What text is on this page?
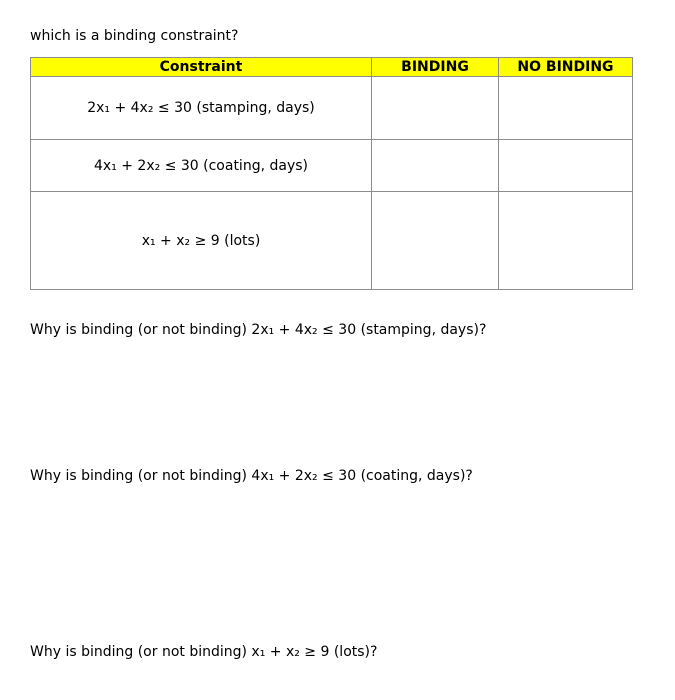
which is a binding constraint?
Constraint	BINDING	NO BINDING
2x₁ + 4x₂ ≤ 30 (stamping, days)		
4x₁ + 2x₂ ≤ 30 (coating, days)		
x₁ + x₂ ≥ 9 (lots)		
Why is binding (or not binding) 2x₁ + 4x₂ ≤ 30 (stamping, days)?
Why is binding (or not binding) 4x₁ + 2x₂ ≤ 30 (coating, days)?
Why is binding (or not binding) x₁ + x₂ ≥ 9 (lots)?
